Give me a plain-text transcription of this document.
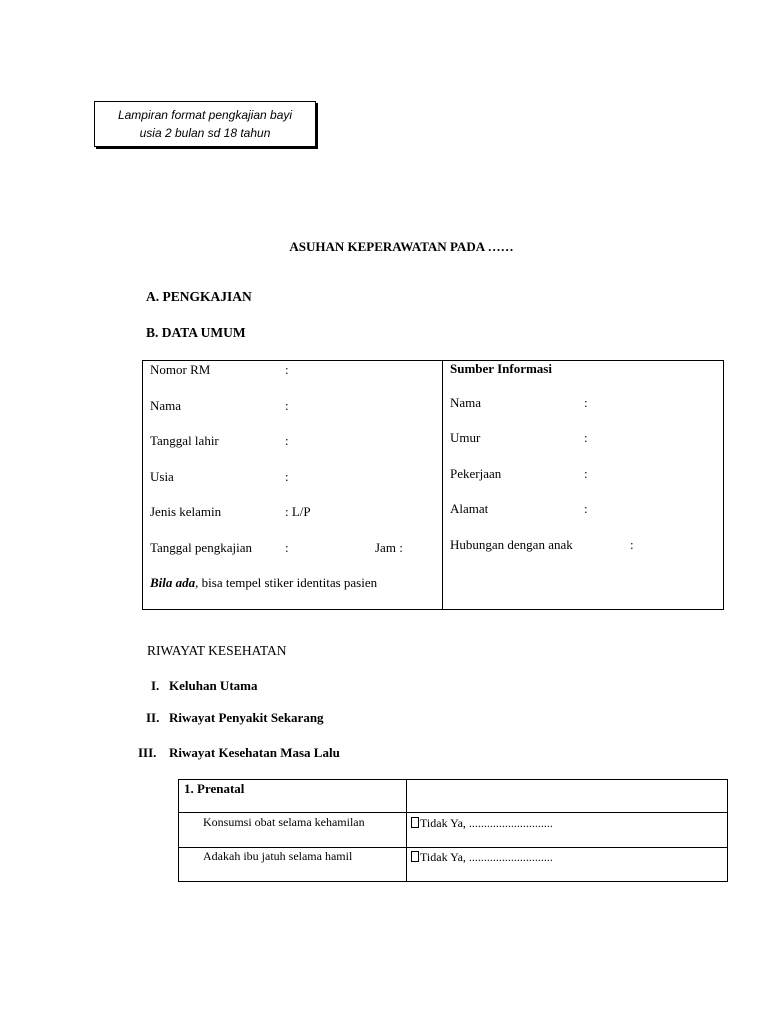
Lampiran format pengkajian bayi
usia 2 bulan sd 18 tahun
ASUHAN KEPERAWATAN PADA ……
A. PENGKAJIAN
B. DATA UMUM
Nomor RM	:
Nama	:
Tanggal lahir	:
Usia	:
Jenis kelamin	: L/P
Tanggal pengkajian	:	Jam :
Bila ada, bisa tempel stiker identitas pasien
Sumber Informasi
Nama	:
Umur	:
Pekerjaan	:
Alamat	:
Hubungan dengan anak	:
RIWAYAT KESEHATAN
I. Keluhan Utama
II. Riwayat Penyakit Sekarang
III. Riwayat Kesehatan Masa Lalu
1. Prenatal
Konsumsi obat selama kehamilan	Tidak Ya, ............................
Adakah ibu jatuh selama hamil	Tidak Ya, ............................
